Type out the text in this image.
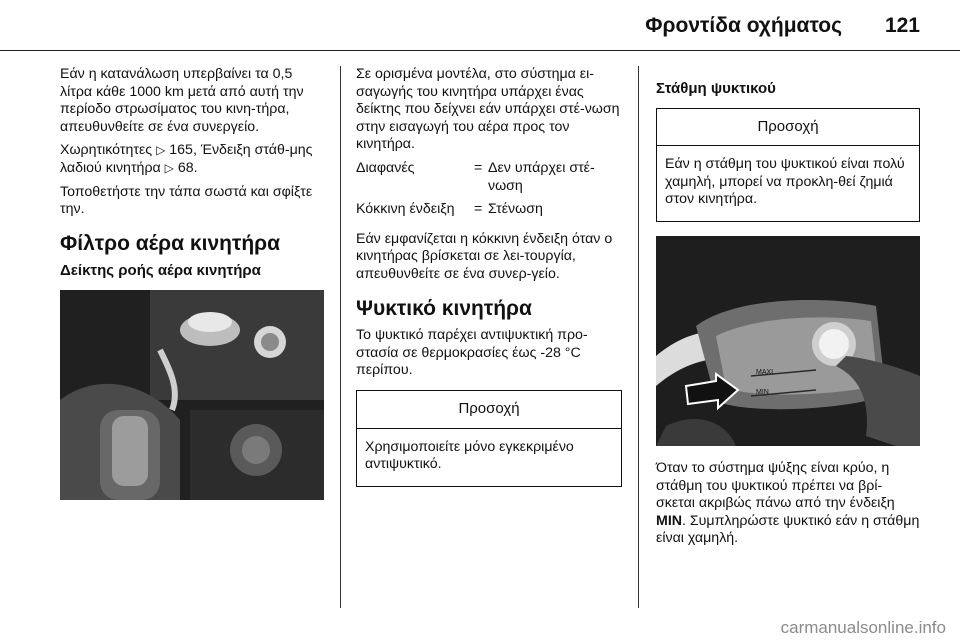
Φροντίδα οχήματος 121

Εάν η κατανάλωση υπερβαίνει τα 0,5 λίτρα κάθε 1000 km μετά από αυτή την περίοδο στρωσίματος του κινη-τήρα, απευθυνθείτε σε ένα συνεργείο.

Χωρητικότητες ▷ 165, Ένδειξη στάθ-μης λαδιού κινητήρα ▷ 68.

Τοποθετήστε την τάπα σωστά και σφίξτε την.

Φίλτρο αέρα κινητήρα
Δείκτης ροής αέρα κινητήρα

Σε ορισμένα μοντέλα, στο σύστημα ει-σαγωγής του κινητήρα υπάρχει ένας δείκτης που δείχνει εάν υπάρχει στέ-νωση στην εισαγωγή του αέρα προς τον κινητήρα.

Διαφανές	= Δεν υπάρχει στέ-νωση
Κόκκινη ένδειξη	= Στένωση

Εάν εμφανίζεται η κόκκινη ένδειξη όταν ο κινητήρας βρίσκεται σε λει-τουργία, απευθυνθείτε σε ένα συνερ-γείο.

Ψυκτικό κινητήρα

Το ψυκτικό παρέχει αντιψυκτική προ-στασία σε θερμοκρασίες έως -28 °C περίπου.

Προσοχή
Χρησιμοποιείτε μόνο εγκεκριμένο αντιψυκτικό.
Στάθμη ψυκτικού
Προσοχή
Εάν η στάθμη του ψυκτικού είναι πολύ χαμηλή, μπορεί να προκλη-θεί ζημιά στον κινητήρα.
MAXI
MIN

Όταν το σύστημα ψύξης είναι κρύο, η στάθμη του ψυκτικού πρέπει να βρί-σκεται ακριβώς πάνω από την ένδειξη MIN. Συμπληρώστε ψυκτικό εάν η στάθμη είναι χαμηλή.

carmanualsonline.info
